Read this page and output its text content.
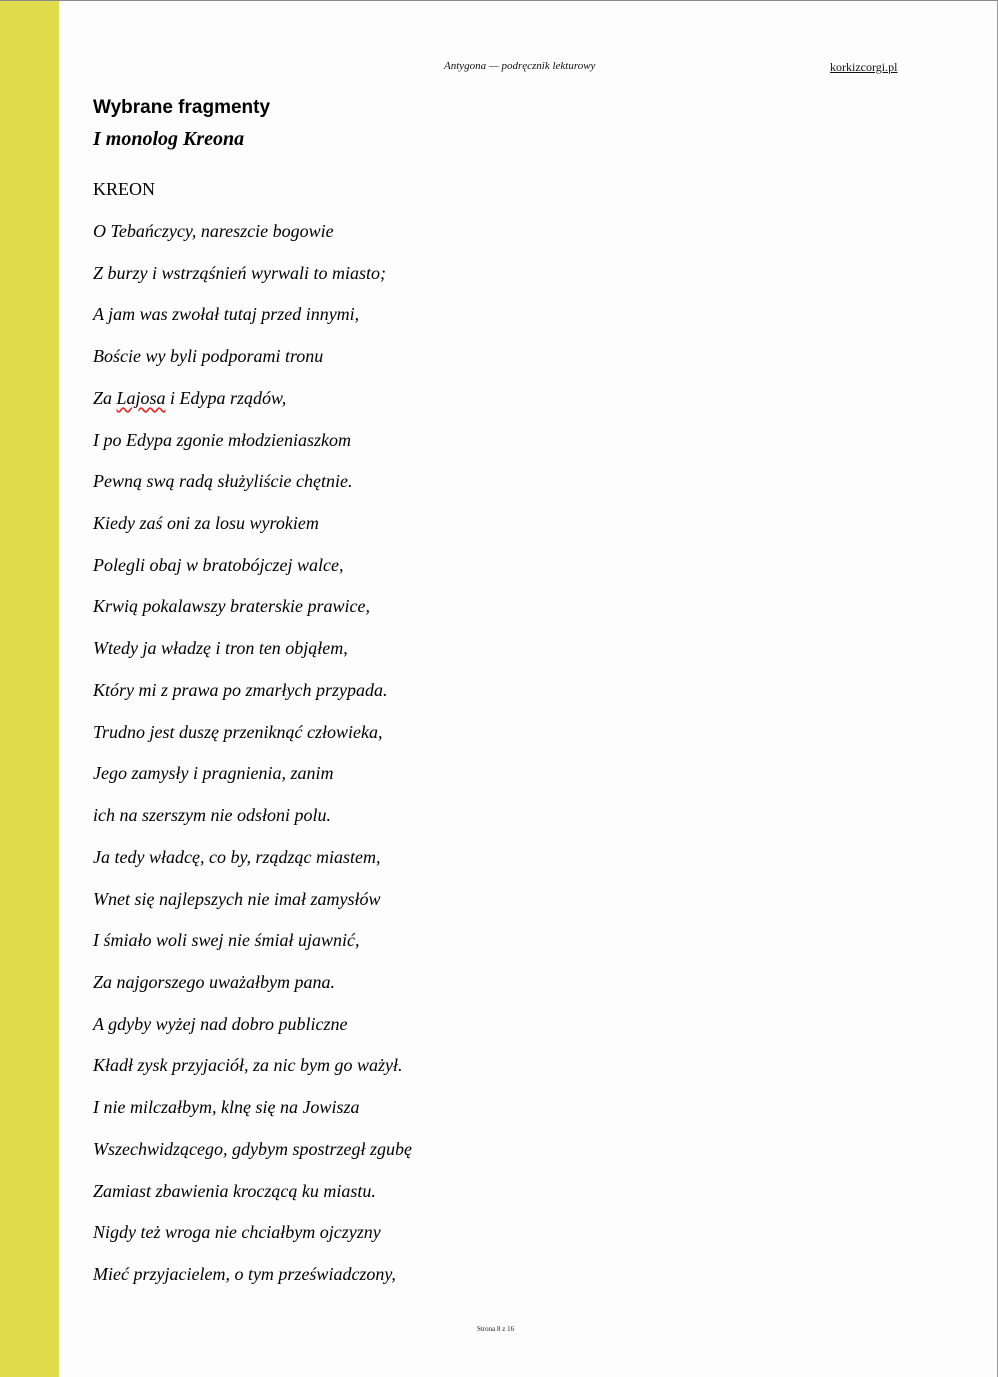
Antygona — podręcznik lekturowy	korkizcorgi.pl
Wybrane fragmenty
I monolog Kreona
KREON
O Tebańczycy, nareszcie bogowie
Z burzy i wstrząśnień wyrwali to miasto;
A jam was zwołał tutaj przed innymi,
Boście wy byli podporami tronu
Za Lajosa i Edypa rządów,
I po Edypa zgonie młodzieniaszkom
Pewną swą radą służyliście chętnie.
Kiedy zaś oni za losu wyrokiem
Polegli obaj w bratobójczej walce,
Krwią pokalawszy braterskie prawice,
Wtedy ja władzę i tron ten objąłem,
Który mi z prawa po zmarłych przypada.
Trudno jest duszę przeniknąć człowieka,
Jego zamysły i pragnienia, zanim
ich na szerszym nie odsłoni polu.
Ja tedy władcę, co by, rządząc miastem,
Wnet się najlepszych nie imał zamysłów
I śmiało woli swej nie śmiał ujawnić,
Za najgorszego uważałbym pana.
A gdyby wyżej nad dobro publiczne
Kładł zysk przyjaciół, za nic bym go ważył.
I nie milczałbym, klnę się na Jowisza
Wszechwidzącego, gdybym spostrzegł zgubę
Zamiast zbawienia kroczącą ku miastu.
Nigdy też wroga nie chciałbym ojczyzny
Mieć przyjacielem, o tym przeświadczony,
Strona 8 z 16
